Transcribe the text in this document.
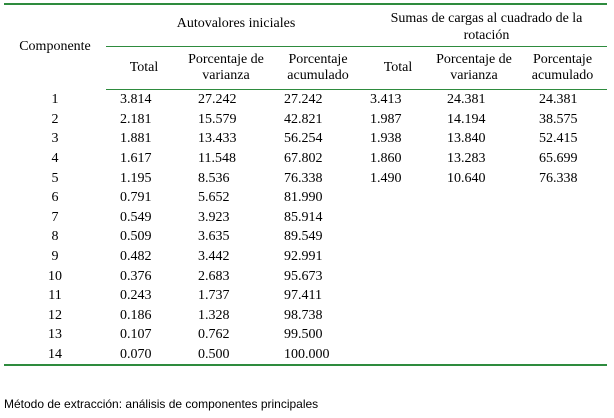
Componente	Autovalores iniciales			Sumas de cargas al cuadrado de la rotación		

	Total	Porcentaje de varianza	Porcentaje acumulado	Total	Porcentaje de varianza	Porcentaje acumulado
1	3.814	27.242	27.242	3.413	24.381	24.381
2	2.181	15.579	42.821	1.987	14.194	38.575
3	1.881	13.433	56.254	1.938	13.840	52.415
4	1.617	11.548	67.802	1.860	13.283	65.699
5	1.195	8.536	76.338	1.490	10.640	76.338
6	0.791	5.652	81.990			
7	0.549	3.923	85.914			
8	0.509	3.635	89.549			
9	0.482	3.442	92.991			
10	0.376	2.683	95.673			
11	0.243	1.737	97.411			
12	0.186	1.328	98.738			
13	0.107	0.762	99.500			
14	0.070	0.500	100.000			
Método de extracción: análisis de componentes principales
